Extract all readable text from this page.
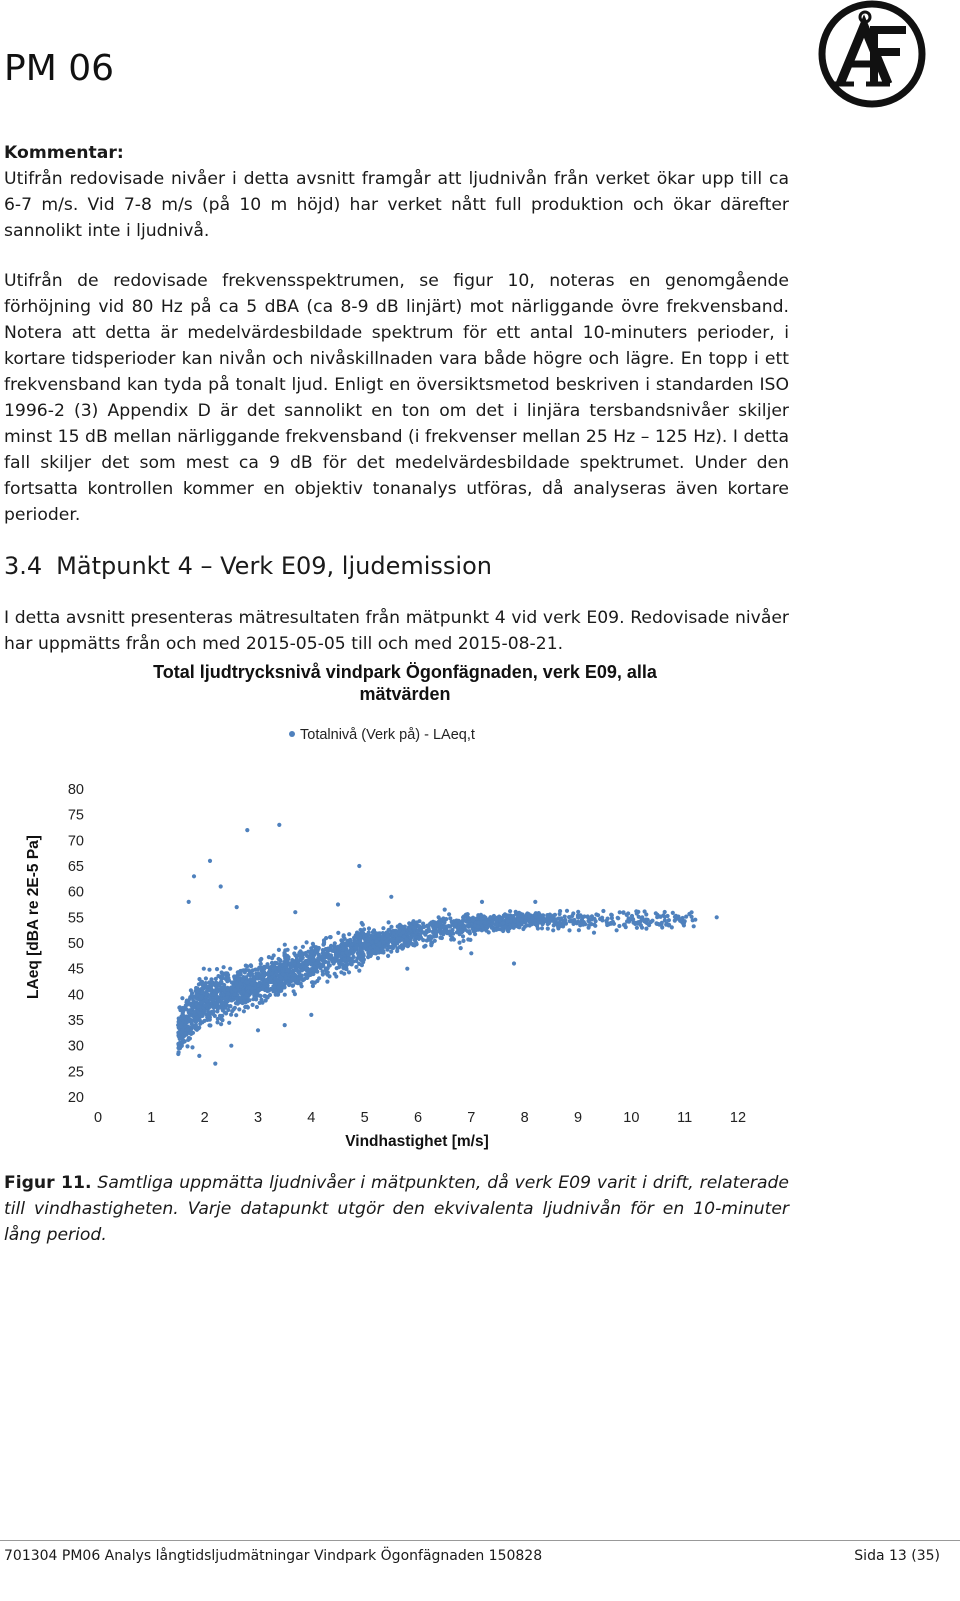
PM 06

Kommentar:
Utifrån redovisade nivåer i detta avsnitt framgår att ljudnivån från verket ökar upp till ca 6-7 m/s. Vid 7-8 m/s (på 10 m höjd) har verket nått full produktion och ökar därefter sannolikt inte i ljudnivå.

Utifrån de redovisade frekvensspektrumen, se figur 10, noteras en genomgående förhöjning vid 80 Hz på ca 5 dBA (ca 8-9 dB linjärt) mot närliggande övre frekvensband. Notera att detta är medelvärdesbildade spektrum för ett antal 10-minuters perioder, i kortare tidsperioder kan nivån och nivåskillnaden vara både högre och lägre. En topp i ett frekvensband kan tyda på tonalt ljud. Enligt en översiktsmetod beskriven i standarden ISO 1996-2 (3) Appendix D är det sannolikt en ton om det i linjära tersbandsnivåer skiljer minst 15 dB mellan närliggande frekvensband (i frekvenser mellan 25 Hz – 125 Hz). I detta fall skiljer det som mest ca 9 dB för det medelvärdesbildade spektrumet. Under den fortsatta kontrollen kommer en objektiv tonanalys utföras, då analyseras även kortare perioder.

3.4 Mätpunkt 4 – Verk E09, ljudemission

I detta avsnitt presenteras mätresultaten från mätpunkt 4 vid verk E09. Redovisade nivåer har uppmätts från och med 2015-05-05 till och med 2015-08-21.

Total ljudtrycksnivå vindpark Ögonfägnaden, verk E09, alla
mätvärden
Totalnivå (Verk på) - LAeq,t
20
25
30
35
40
45
50
55
60
65
70
75
80
0	1	2	3	4	5	6	7	8	9	10	11	12
Vindhastighet [m/s]
LAeq [dBA re 2E-5 Pa]

Figur 11. Samtliga uppmätta ljudnivåer i mätpunkten, då verk E09 varit i drift, relaterade till vindhastigheten. Varje datapunkt utgör den ekvivalenta ljudnivån för en 10-minuter lång period.

701304 PM06 Analys långtidsljudmätningar Vindpark Ögonfägnaden 150828	Sida 13 (35)
